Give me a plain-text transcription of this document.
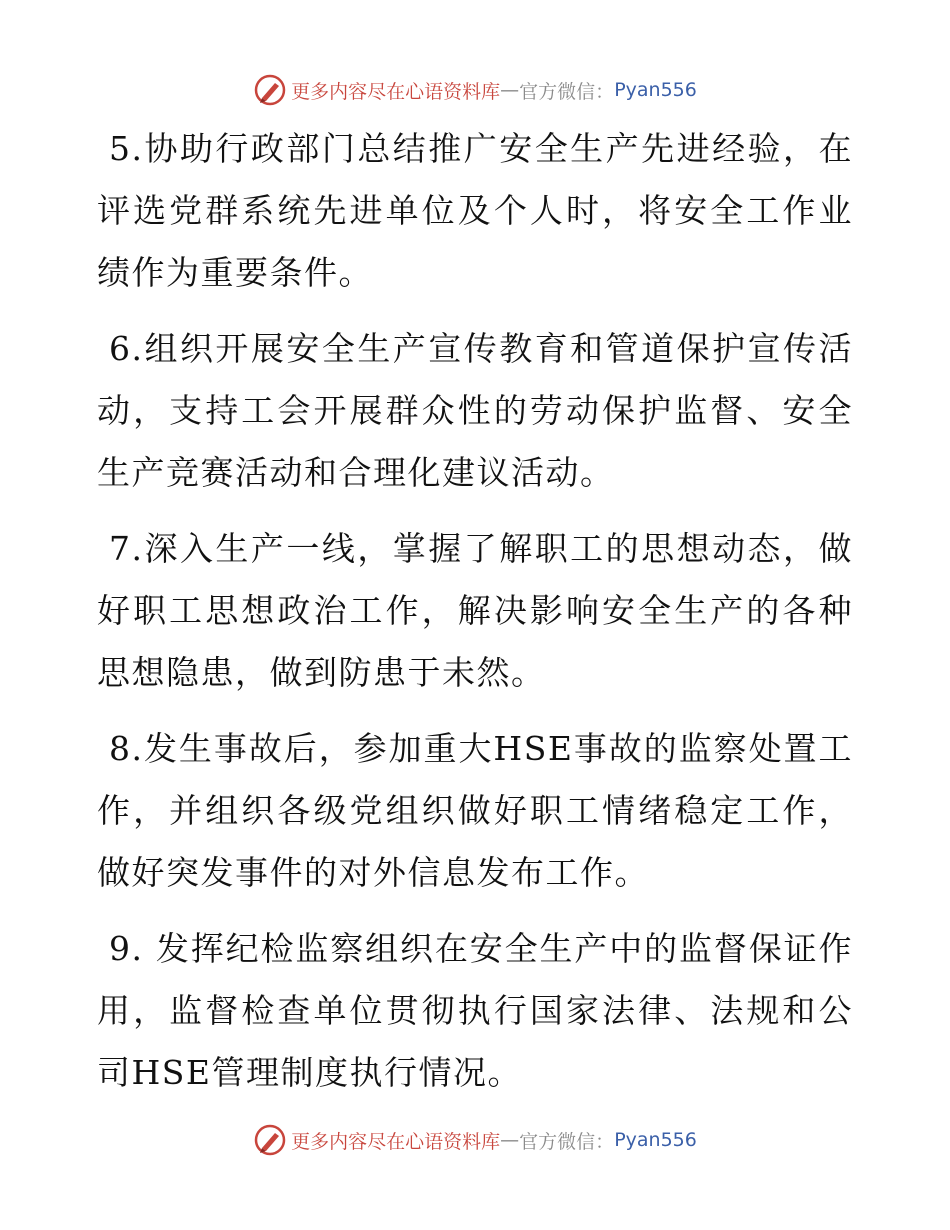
更多内容尽在心语资料库 — 官方微信： Pyan556

5.协助行政部门总结推广安全生产先进经验，在评选党群系统先进单位及个人时，将安全工作业绩作为重要条件。

6.组织开展安全生产宣传教育和管道保护宣传活动，支持工会开展群众性的劳动保护监督、安全生产竞赛活动和合理化建议活动。

7.深入生产一线，掌握了解职工的思想动态，做好职工思想政治工作，解决影响安全生产的各种思想隐患，做到防患于未然。

8.发生事故后，参加重大HSE事故的监察处置工作，并组织各级党组织做好职工情绪稳定工作，做好突发事件的对外信息发布工作。

9. 发挥纪检监察组织在安全生产中的监督保证作用，监督检查单位贯彻执行国家法律、法规和公司HSE管理制度执行情况。

更多内容尽在心语资料库 — 官方微信： Pyan556
